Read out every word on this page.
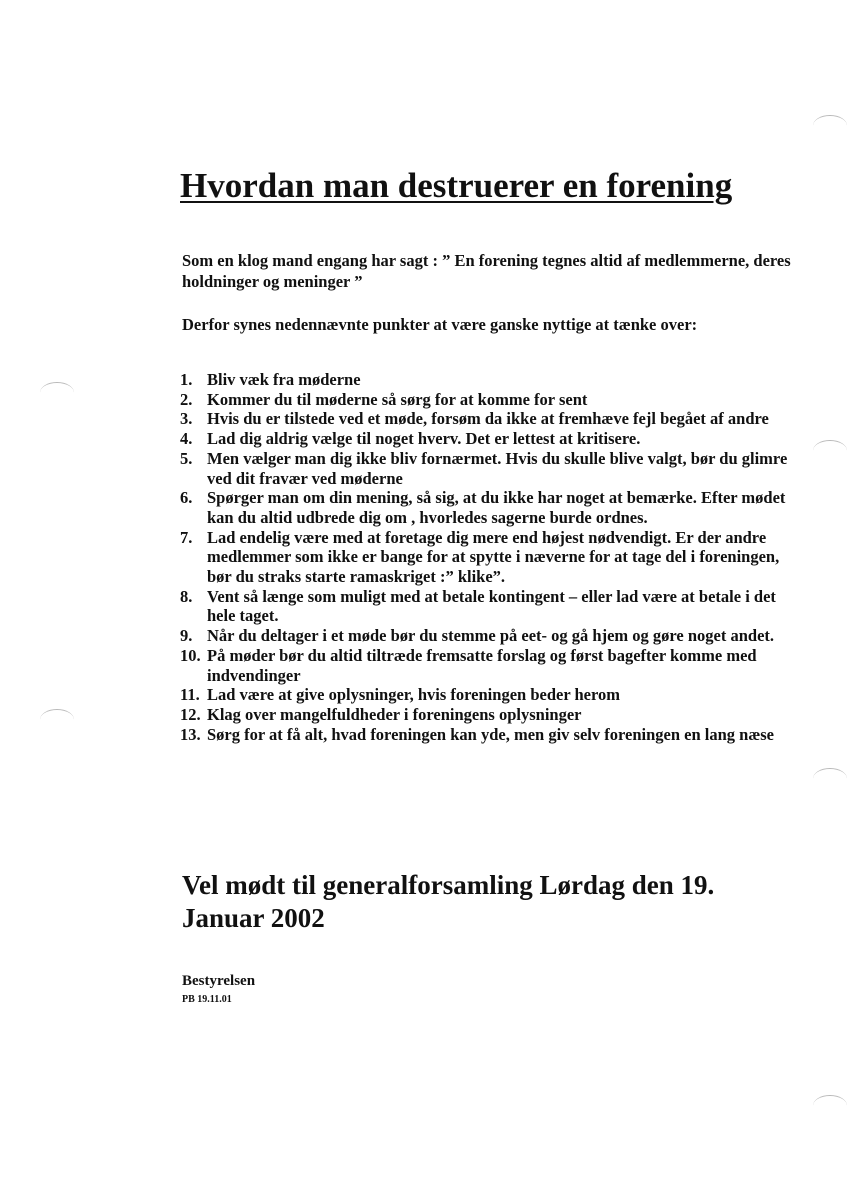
Hvordan man destruerer en forening

Som en klog mand engang har sagt : ” En forening tegnes altid af medlemmerne, deres holdninger og meninger ”

Derfor synes nedennævnte punkter at være ganske nyttige at tænke over:

1. Bliv væk fra møderne
2. Kommer du til møderne så sørg for at komme for sent
3. Hvis du er tilstede ved et møde, forsøm da ikke at fremhæve fejl begået af andre
4. Lad dig aldrig vælge til noget hverv. Det er lettest at kritisere.
5. Men vælger man dig ikke bliv fornærmet. Hvis du skulle blive valgt, bør du glimre ved dit fravær ved møderne
6. Spørger man om din mening, så sig, at du ikke har noget at bemærke. Efter mødet kan du altid udbrede dig om , hvorledes sagerne burde ordnes.
7. Lad endelig være med at foretage dig mere end højest nødvendigt. Er der andre medlemmer som ikke er bange for at spytte i næverne for at tage del i foreningen, bør du straks starte ramaskriget :” klike”.
8. Vent så længe som muligt med at betale kontingent – eller lad være at betale i det hele taget.
9. Når du deltager i et møde bør du stemme på eet- og gå hjem og gøre noget andet.
10. På møder bør du altid tiltræde fremsatte forslag og først bagefter komme med indvendinger
11. Lad være at give oplysninger, hvis foreningen beder herom
12. Klag over mangelfuldheder i foreningens oplysninger
13. Sørg for at få alt, hvad foreningen kan yde, men giv selv foreningen en lang næse

Vel mødt til generalforsamling Lørdag den 19. Januar 2002

Bestyrelsen

PB 19.11.01
